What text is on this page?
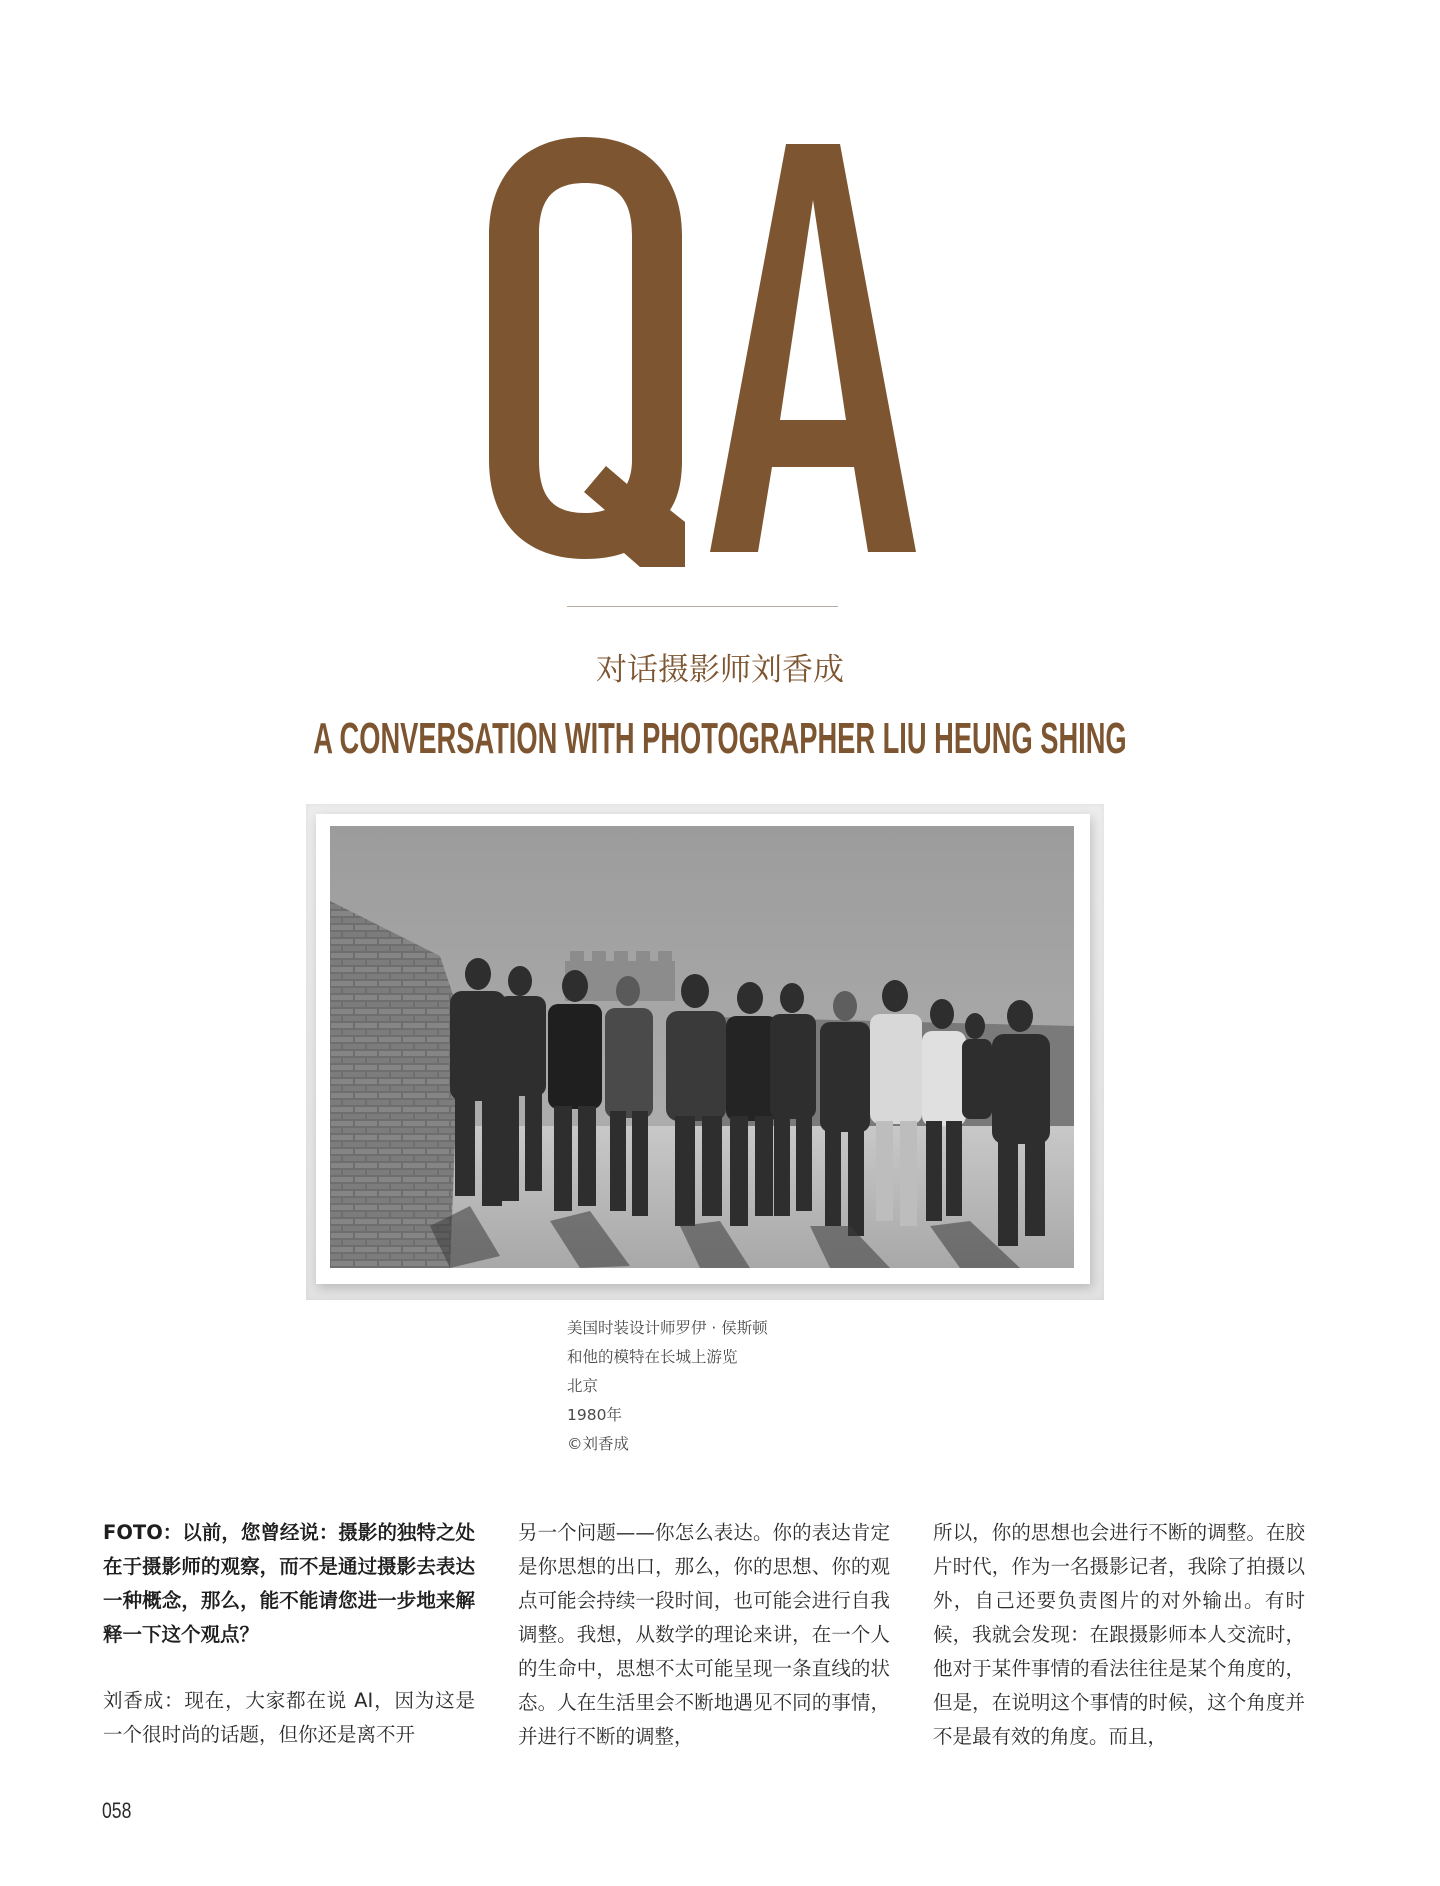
对话摄影师刘香成
A CONVERSATION WITH PHOTOGRAPHER LIU HEUNG SHING
美国时装设计师罗伊 · 侯斯顿
和他的模特在长城上游览
北京
1980年
©刘香成

FOTO：以前，您曾经说：摄影的独特之处在于摄影师的观察，而不是通过摄影去表达一种概念，那么，能不能请您进一步地来解释一下这个观点？

刘香成：现在，大家都在说 AI，因为这是一个很时尚的话题，但你还是离不开

另一个问题——你怎么表达。你的表达肯定是你思想的出口，那么，你的思想、你的观点可能会持续一段时间，也可能会进行自我调整。我想，从数学的理论来讲，在一个人的生命中，思想不太可能呈现一条直线的状态。人在生活里会不断地遇见不同的事情，并进行不断的调整，

所以，你的思想也会进行不断的调整。在胶片时代，作为一名摄影记者，我除了拍摄以外，自己还要负责图片的对外输出。有时候，我就会发现：在跟摄影师本人交流时，他对于某件事情的看法往往是某个角度的，但是，在说明这个事情的时候，这个角度并不是最有效的角度。而且，

058
